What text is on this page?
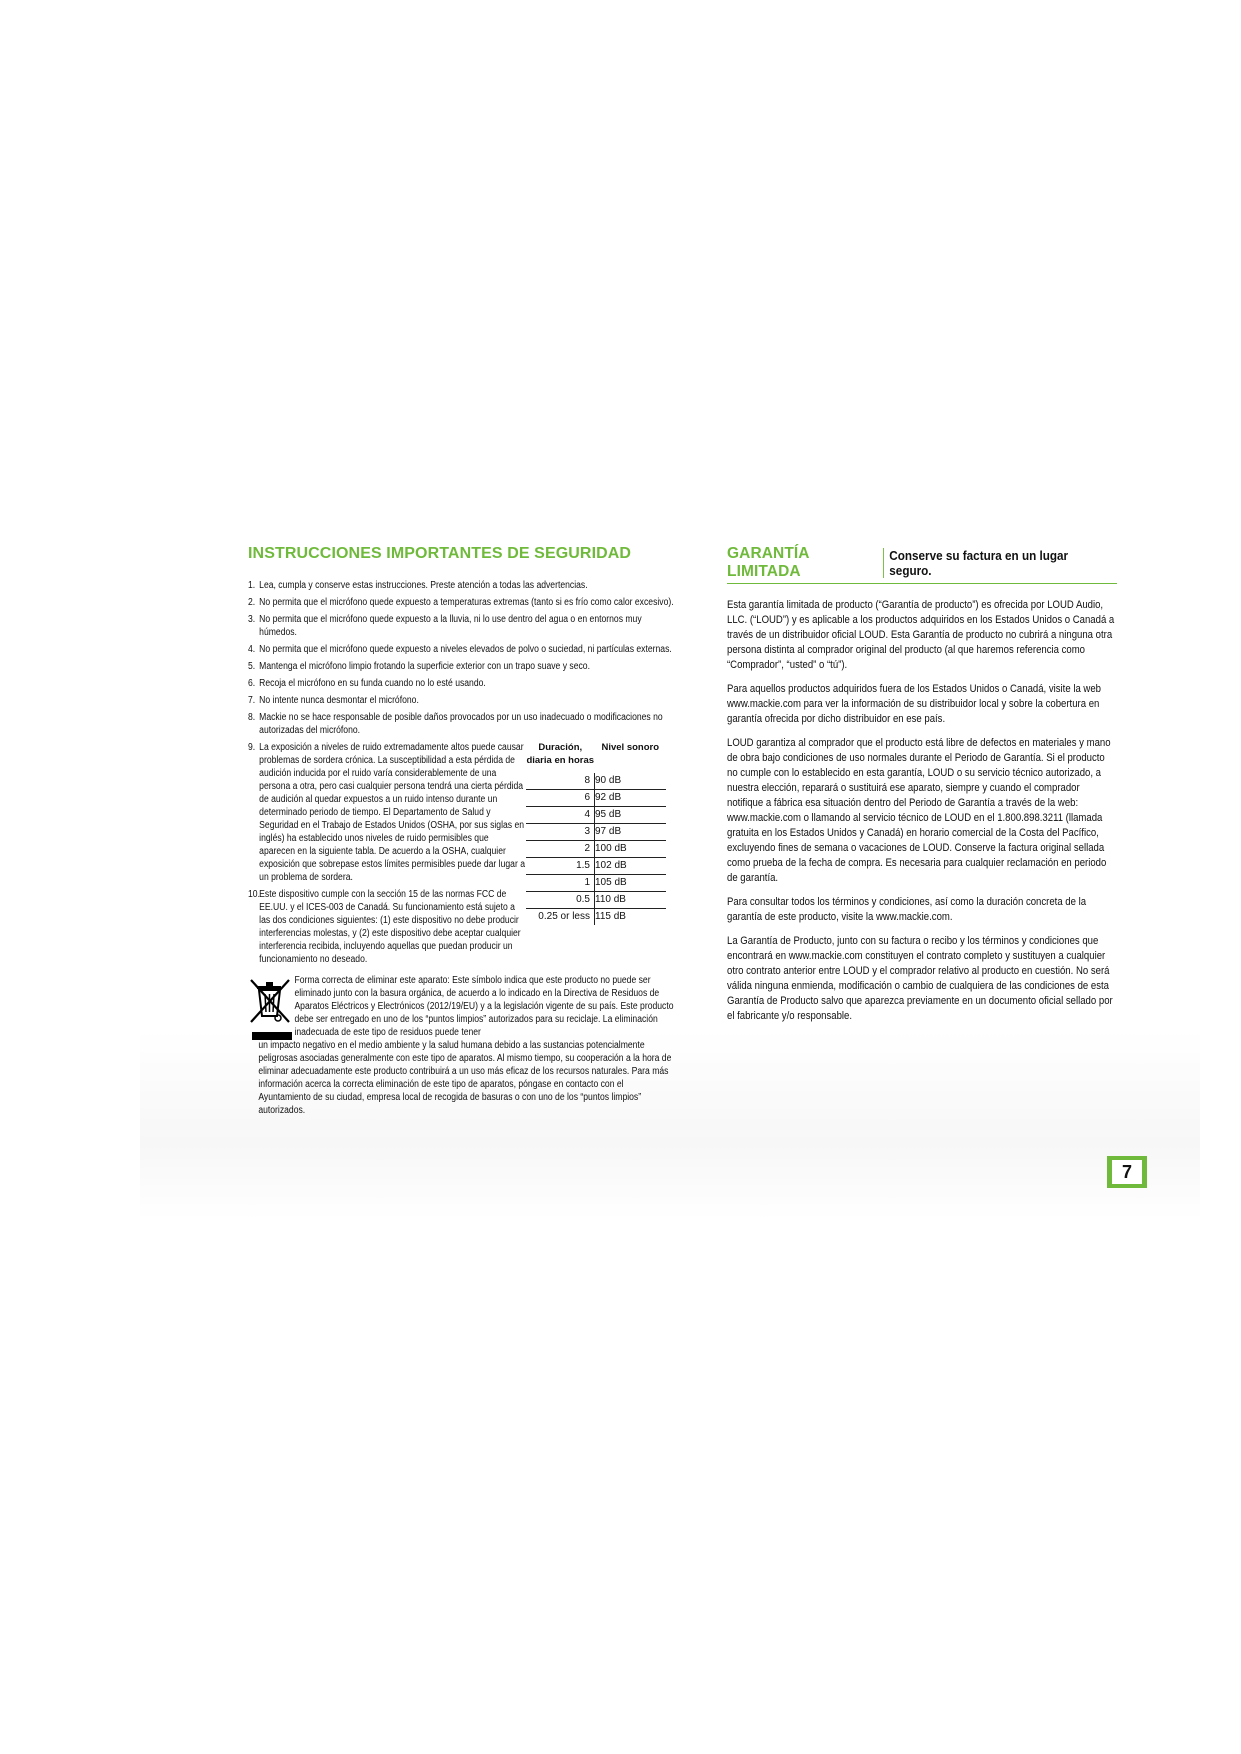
INSTRUCCIONES IMPORTANTES DE SEGURIDAD
1. Lea, cumpla y conserve estas instrucciones. Preste atención a todas las advertencias.
2. No permita que el micrófono quede expuesto a temperaturas extremas (tanto si es frío como calor excesivo).
3. No permita que el micrófono quede expuesto a la lluvia, ni lo use dentro del agua o en entornos muy húmedos.
4. No permita que el micrófono quede expuesto a niveles elevados de polvo o suciedad, ni partículas externas.
5. Mantenga el micrófono limpio frotando la superficie exterior con un trapo suave y seco.
6. Recoja el micrófono en su funda cuando no lo esté usando.
7. No intente nunca desmontar el micrófono.
8. Mackie no se hace responsable de posible daños provocados por un uso inadecuado o modificaciones no autorizadas del micrófono.
9. La exposición a niveles de ruido extremadamente altos puede causar problemas de sordera crónica. La susceptibilidad a esta pérdida de audición inducida por el ruido varía considerablemente de una persona a otra, pero casi cualquier persona tendrá una cierta pérdida de audición al quedar expuestos a un ruido intenso durante un determinado periodo de tiempo. El Departamento de Salud y Seguridad en el Trabajo de Estados Unidos (OSHA, por sus siglas en inglés) ha establecido unos niveles de ruido permisibles que aparecen en la siguiente tabla. De acuerdo a la OSHA, cualquier exposición que sobrepase estos límites permisibles puede dar lugar a un problema de sordera.
10. Este dispositivo cumple con la sección 15 de las normas FCC de EE.UU. y el ICES-003 de Canadá. Su funcionamiento está sujeto a las dos condiciones siguientes: (1) este dispositivo no debe producir interferencias molestas, y (2) este dispositivo debe aceptar cualquier interferencia recibida, incluyendo aquellas que puedan producir un funcionamiento no deseado.
Duración, diaria en horas	Nivel sonoro
8	90 dB
6	92 dB
4	95 dB
3	97 dB
2	100 dB
1.5	102 dB
1	105 dB
0.5	110 dB
0.25 or less	115 dB
Forma correcta de eliminar este aparato: Este símbolo indica que este producto no puede ser eliminado junto con la basura orgánica, de acuerdo a lo indicado en la Directiva de Residuos de Aparatos Eléctricos y Electrónicos (2012/19/EU) y a la legislación vigente de su país. Este producto debe ser entregado en uno de los “puntos limpios” autorizados para su reciclaje. La eliminación inadecuada de este tipo de residuos puede tener
un impacto negativo en el medio ambiente y la salud humana debido a las sustancias potencialmente peligrosas asociadas generalmente con este tipo de aparatos. Al mismo tiempo, su cooperación a la hora de eliminar adecuadamente este producto contribuirá a un uso más eficaz de los recursos naturales. Para más información acerca la correcta eliminación de este tipo de aparatos, póngase en contacto con el Ayuntamiento de su ciudad, empresa local de recogida de basuras o con uno de los “puntos limpios” autorizados.
GARANTÍA LIMITADA
Conserve su factura en un lugar seguro.

Esta garantía limitada de producto (“Garantía de producto”) es ofrecida por LOUD Audio, LLC. (“LOUD”) y es aplicable a los productos adquiridos en los Estados Unidos o Canadá a través de un distribuidor oficial LOUD. Esta Garantía de producto no cubrirá a ninguna otra persona distinta al comprador original del producto (al que haremos referencia como “Comprador”, “usted” o “tú”).

Para aquellos productos adquiridos fuera de los Estados Unidos o Canadá, visite la web www.mackie.com para ver la información de su distribuidor local y sobre la cobertura en garantía ofrecida por dicho distribuidor en ese país.

LOUD garantiza al comprador que el producto está libre de defectos en materiales y mano de obra bajo condiciones de uso normales durante el Periodo de Garantía. Si el producto no cumple con lo establecido en esta garantía, LOUD o su servicio técnico autorizado, a nuestra elección, reparará o sustituirá ese aparato, siempre y cuando el comprador notifique a fábrica esa situación dentro del Periodo de Garantía a través de la web: www.mackie.com o llamando al servicio técnico de LOUD en el 1.800.898.3211 (llamada gratuita en los Estados Unidos y Canadá) en horario comercial de la Costa del Pacífico, excluyendo fines de semana o vacaciones de LOUD. Conserve la factura original sellada como prueba de la fecha de compra. Es necesaria para cualquier reclamación en periodo de garantía.

Para consultar todos los términos y condiciones, así como la duración concreta de la garantía de este producto, visite la www.mackie.com.

La Garantía de Producto, junto con su factura o recibo y los términos y condiciones que encontrará en www.mackie.com constituyen el contrato completo y sustituyen a cualquier otro contrato anterior entre LOUD y el comprador relativo al producto en cuestión. No será válida ninguna enmienda, modificación o cambio de cualquiera de las condiciones de esta Garantía de Producto salvo que aparezca previamente en un documento oficial sellado por el fabricante y/o responsable.

7
